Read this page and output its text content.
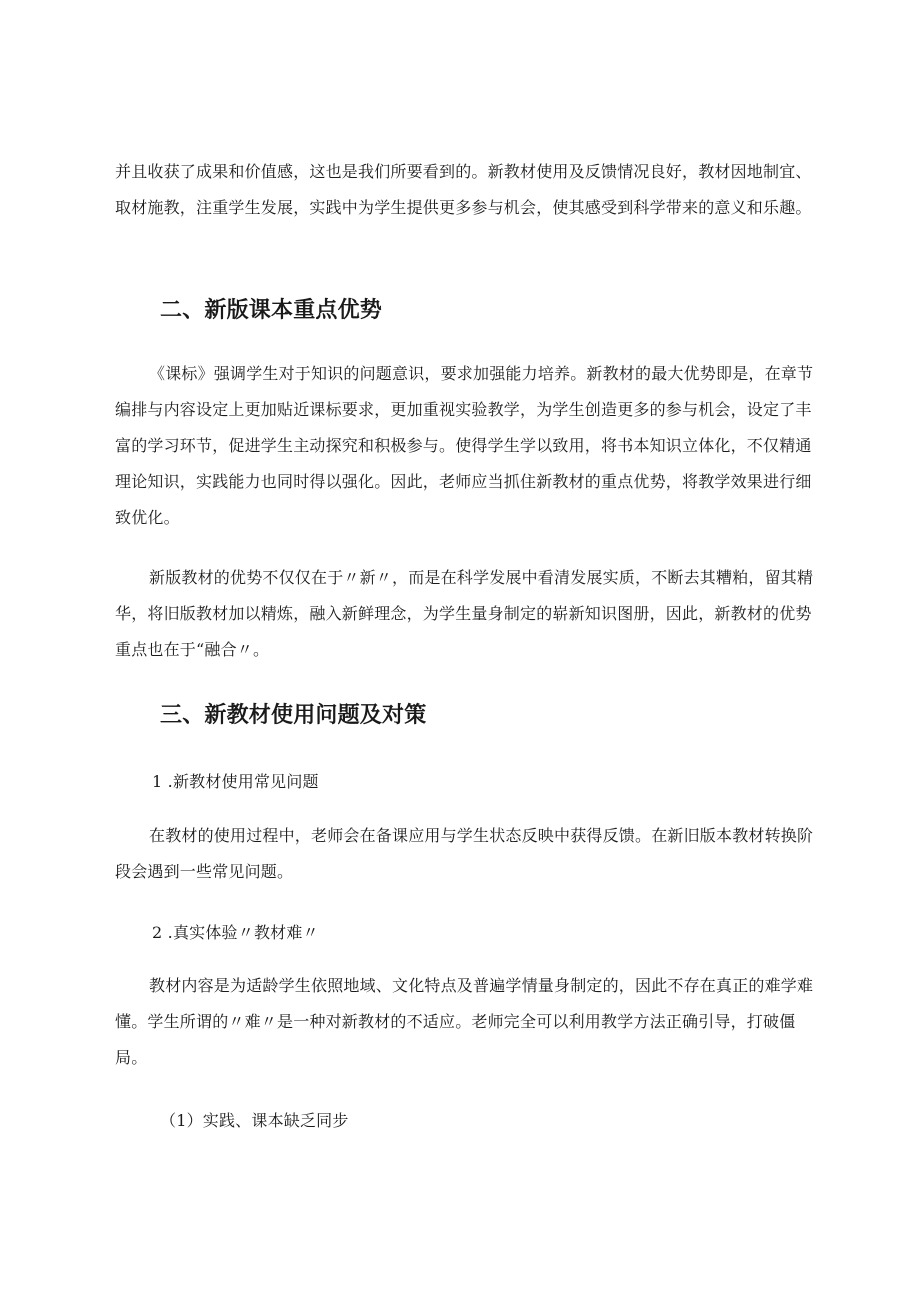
并且收获了成果和价值感，这也是我们所要看到的。新教材使用及反馈情况良好，教材因地制宜、取材施教，注重学生发展，实践中为学生提供更多参与机会，使其感受到科学带来的意义和乐趣。

二、新版课本重点优势

《课标》强调学生对于知识的问题意识，要求加强能力培养。新教材的最大优势即是，在章节编排与内容设定上更加贴近课标要求，更加重视实验教学，为学生创造更多的参与机会，设定了丰富的学习环节，促进学生主动探究和积极参与。使得学生学以致用，将书本知识立体化，不仅精通理论知识，实践能力也同时得以强化。因此，老师应当抓住新教材的重点优势，将教学效果进行细致优化。

新版教材的优势不仅仅在于〃新〃，而是在科学发展中看清发展实质，不断去其糟粕，留其精华，将旧版教材加以精炼，融入新鲜理念，为学生量身制定的崭新知识图册，因此，新教材的优势重点也在于“融合〃。

三、新教材使用问题及对策

1 .新教材使用常见问题

在教材的使用过程中，老师会在备课应用与学生状态反映中获得反馈。在新旧版本教材转换阶段会遇到一些常见问题。

2 .真实体验〃教材难〃

教材内容是为适龄学生依照地域、文化特点及普遍学情量身制定的，因此不存在真正的难学难懂。学生所谓的〃难〃是一种对新教材的不适应。老师完全可以利用教学方法正确引导，打破僵局。

（1）实践、课本缺乏同步
